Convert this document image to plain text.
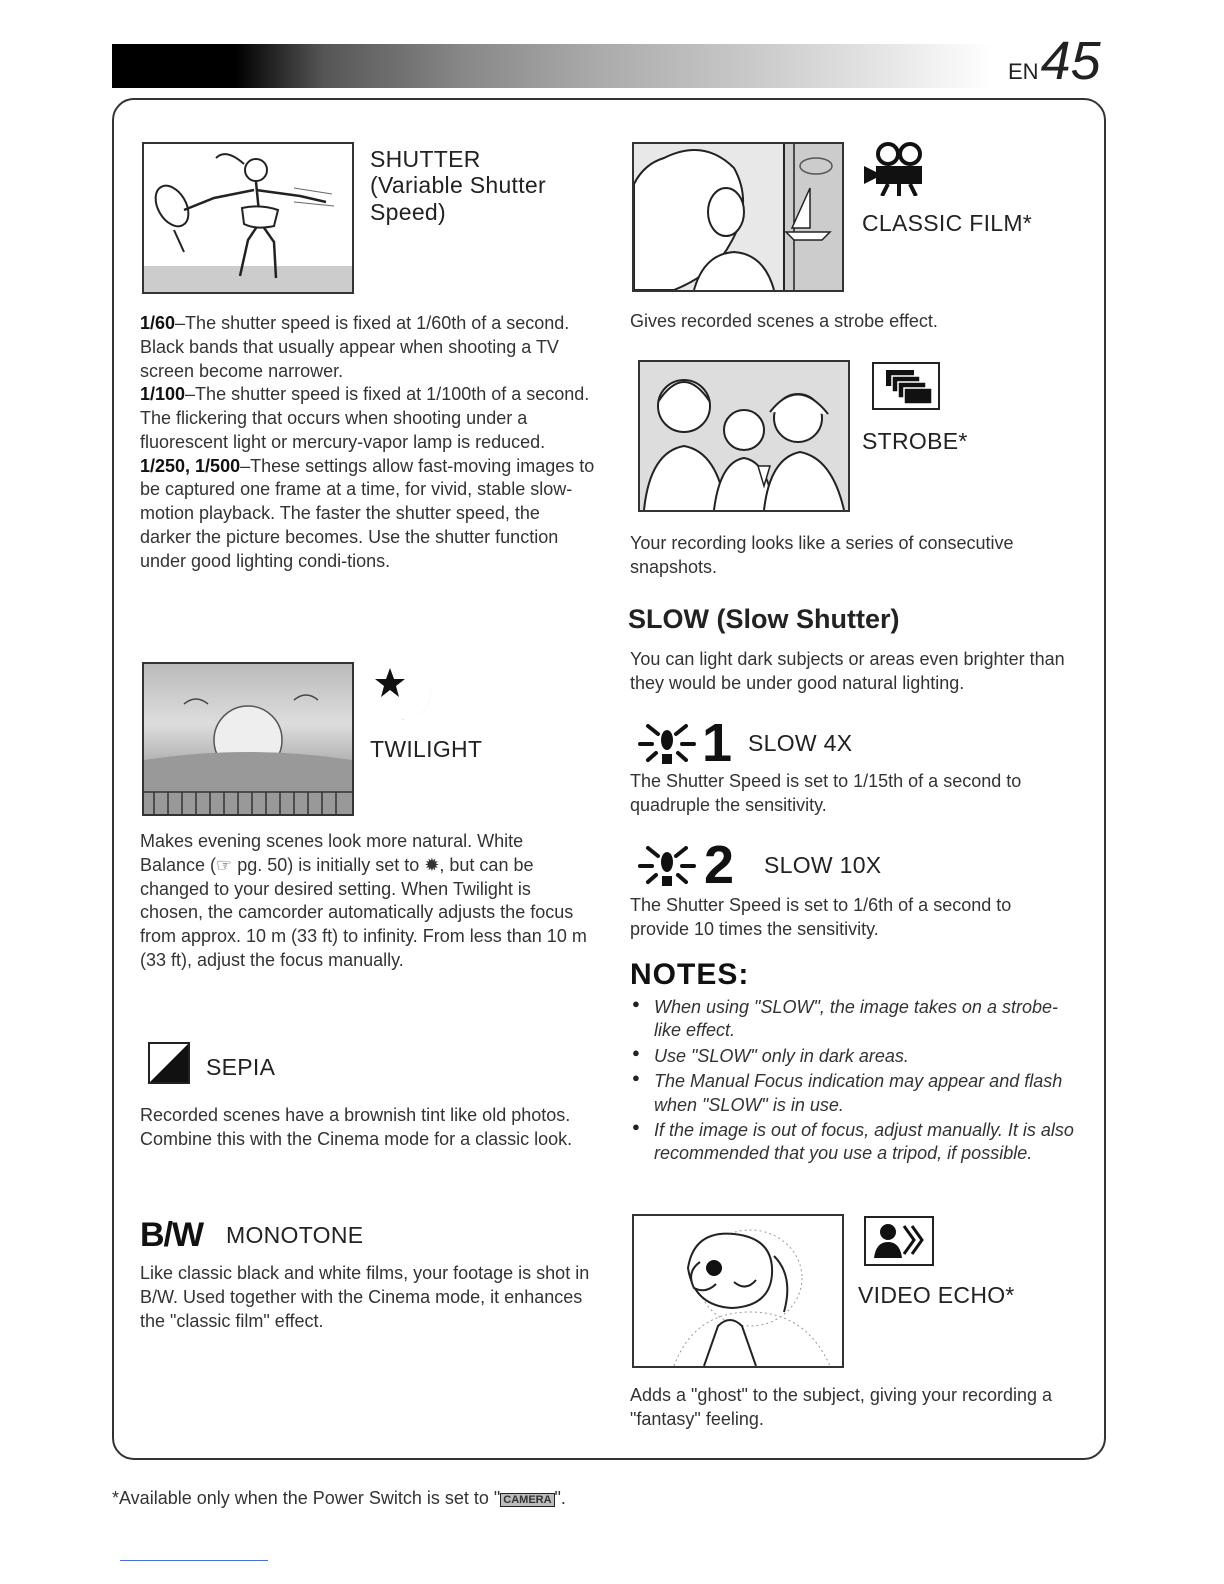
EN 45
SHUTTER
(Variable Shutter
Speed)
1/60–The shutter speed is fixed at 1/60th of a second. Black bands that usually appear when shooting a TV screen become narrower.
1/100–The shutter speed is fixed at 1/100th of a second. The flickering that occurs when shooting under a fluorescent light or mercury-vapor lamp is reduced.
1/250, 1/500–These settings allow fast-moving images to be captured one frame at a time, for vivid, stable slow-motion playback. The faster the shutter speed, the darker the picture becomes. Use the shutter function under good lighting condi-tions.
TWILIGHT
Makes evening scenes look more natural. White Balance (☞ pg. 50) is initially set to ✹, but can be changed to your desired setting. When Twilight is chosen, the camcorder automatically adjusts the focus from approx. 10 m (33 ft) to infinity. From less than 10 m (33 ft), adjust the focus manually.
SEPIA
Recorded scenes have a brownish tint like old photos. Combine this with the Cinema mode for a classic look.
B/W MONOTONE
Like classic black and white films, your footage is shot in B/W. Used together with the Cinema mode, it enhances the "classic film" effect.
CLASSIC FILM*
Gives recorded scenes a strobe effect.
STROBE*
Your recording looks like a series of consecutive snapshots.
SLOW (Slow Shutter)
You can light dark subjects or areas even brighter than they would be under good natural lighting.
1 SLOW 4X
The Shutter Speed is set to 1/15th of a second to quadruple the sensitivity.
2 SLOW 10X
The Shutter Speed is set to 1/6th of a second to provide 10 times the sensitivity.
NOTES:
● When using "SLOW", the image takes on a strobe-like effect.
● Use "SLOW" only in dark areas.
● The Manual Focus indication may appear and flash when "SLOW" is in use.
● If the image is out of focus, adjust manually. It is also recommended that you use a tripod, if possible.
VIDEO ECHO*
Adds a "ghost" to the subject, giving your recording a "fantasy" feeling.
*Available only when the Power Switch is set to " CAMERA ".
